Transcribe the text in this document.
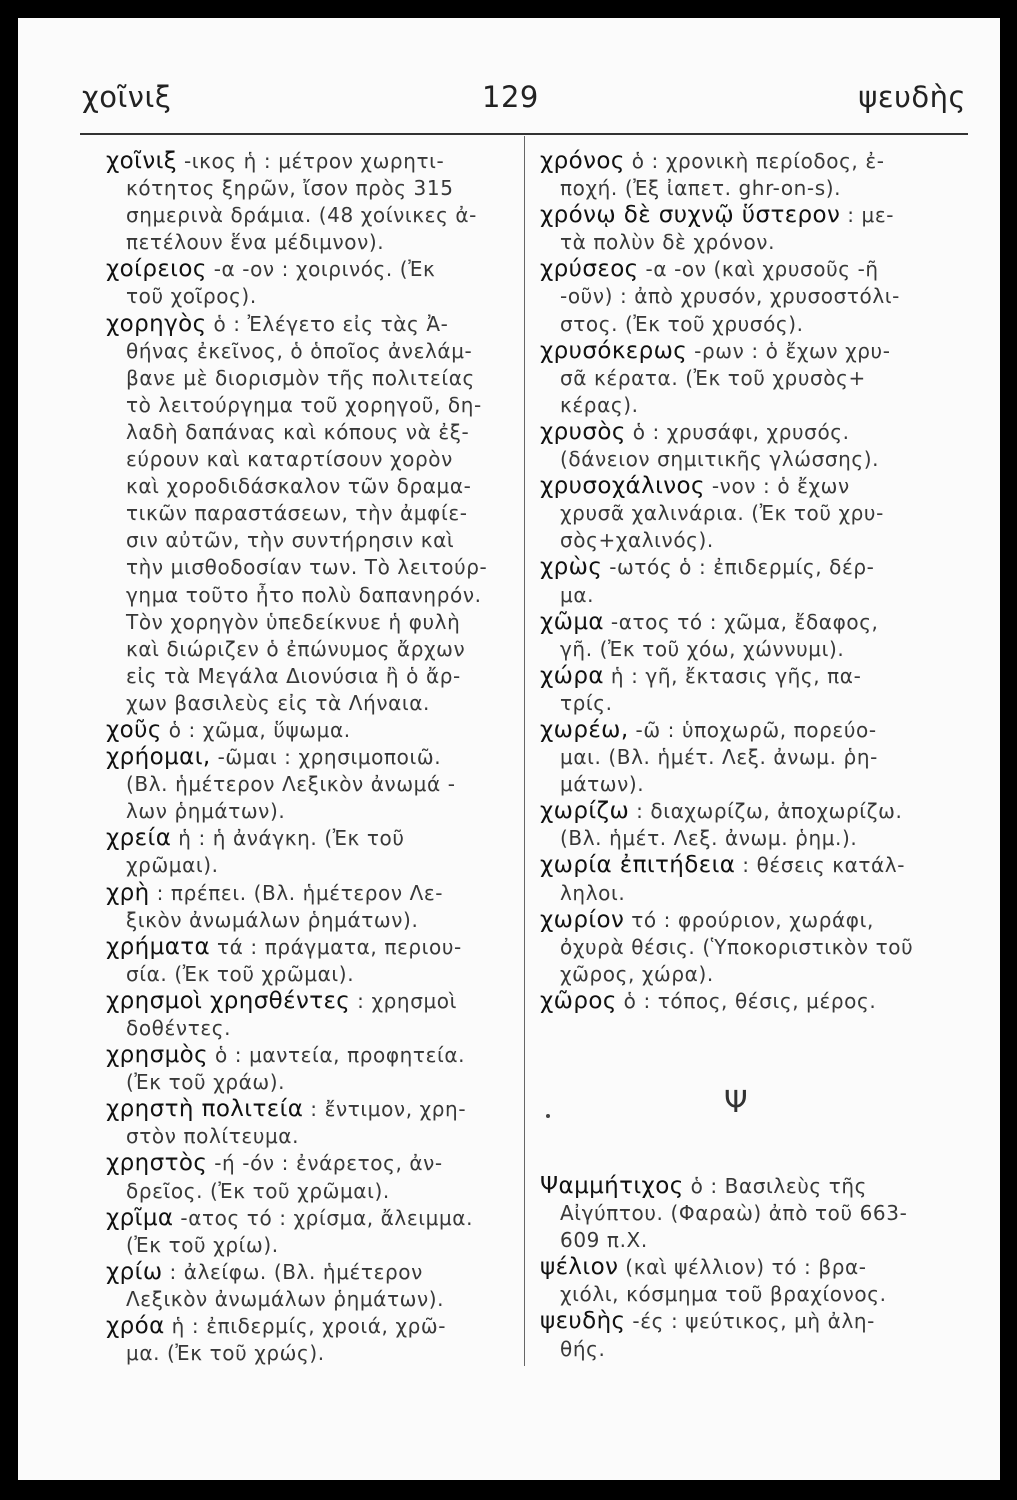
χοῖνιξ	129	ψευδὴς
χοῖνιξ -ικος ἡ : μέτρον χωρητι-
κότητος ξηρῶν, ἴσον πρὸς 315
σημερινὰ δράμια. (48 χοίνικες ἀ-
πετέλουν ἕνα μέδιμνον).
χοίρειος -α -ον : χοιρινός. (Ἐκ
τοῦ χοῖρος).
χορηγὸς ὁ : Ἐλέγετο εἰς τὰς Ἀ-
θήνας ἐκεῖνος, ὁ ὁποῖος ἀνελάμ-
βανε μὲ διορισμὸν τῆς πολιτείας
τὸ λειτούργημα τοῦ χορηγοῦ, δη-
λαδὴ δαπάνας καὶ κόπους νὰ ἐξ-
εύρουν καὶ καταρτίσουν χορὸν
καὶ χοροδιδάσκαλον τῶν δραμα-
τικῶν παραστάσεων, τὴν ἀμφίε-
σιν αὐτῶν, τὴν συντήρησιν καὶ
τὴν μισθοδοσίαν των. Τὸ λειτούρ-
γημα τοῦτο ἦτο πολὺ δαπανηρόν.
Τὸν χορηγὸν ὑπεδείκνυε ἡ φυλὴ
καὶ διώριζεν ὁ ἐπώνυμος ἄρχων
εἰς τὰ Μεγάλα Διονύσια ἢ ὁ ἄρ-
χων βασιλεὺς εἰς τὰ Λήναια.
χοῦς ὁ : χῶμα, ὕψωμα.
χρήομαι, -ῶμαι : χρησιμοποιῶ.
(Βλ. ἡμέτερον Λεξικὸν ἀνωμά -
λων ῥημάτων).
χρεία ἡ : ἡ ἀνάγκη. (Ἐκ τοῦ
χρῶμαι).
χρὴ : πρέπει. (Βλ. ἡμέτερον Λε-
ξικὸν ἀνωμάλων ῥημάτων).
χρήματα τά : πράγματα, περιου-
σία. (Ἐκ τοῦ χρῶμαι).
χρησμοὶ χρησθέντες : χρησμοὶ
δοθέντες.
χρησμὸς ὁ : μαντεία, προφητεία.
(Ἐκ τοῦ χράω).
χρηστὴ πολιτεία : ἔντιμον, χρη-
στὸν πολίτευμα.
χρηστὸς -ή -όν : ἐνάρετος, ἀν-
δρεῖος. (Ἐκ τοῦ χρῶμαι).
χρῖμα -ατος τό : χρίσμα, ἄλειμμα.
(Ἐκ τοῦ χρίω).
χρίω : ἀλείφω. (Βλ. ἡμέτερον
Λεξικὸν ἀνωμάλων ῥημάτων).
χρόα ἡ : ἐπιδερμίς, χροιά, χρῶ-
μα. (Ἐκ τοῦ χρώς).
χρόνος ὁ : χρονικὴ περίοδος, ἐ-
ποχή. (Ἐξ ἰαπετ. ghr-on-s).
χρόνῳ δὲ συχνῷ ὕστερον : με-
τὰ πολὺν δὲ χρόνον.
χρύσεος -α -ον (καὶ χρυσοῦς -ῆ
-οῦν) : ἀπὸ χρυσόν, χρυσοστόλι-
στος. (Ἐκ τοῦ χρυσός).
χρυσόκερως -ρων : ὁ ἔχων χρυ-
σᾶ κέρατα. (Ἐκ τοῦ χρυσὸς+
κέρας).
χρυσὸς ὁ : χρυσάφι, χρυσός.
(δάνειον σημιτικῆς γλώσσης).
χρυσοχάλινος -νον : ὁ ἔχων
χρυσᾶ χαλινάρια. (Ἐκ τοῦ χρυ-
σὸς+χαλινός).
χρὼς -ωτός ὁ : ἐπιδερμίς, δέρ-
μα.
χῶμα -ατος τό : χῶμα, ἔδαφος,
γῆ. (Ἐκ τοῦ χόω, χώννυμι).
χώρα ἡ : γῆ, ἔκτασις γῆς, πα-
τρίς.
χωρέω, -ῶ : ὑποχωρῶ, πορεύο-
μαι. (Βλ. ἡμέτ. Λεξ. ἀνωμ. ῥη-
μάτων).
χωρίζω : διαχωρίζω, ἀποχωρίζω.
(Βλ. ἡμέτ. Λεξ. ἀνωμ. ῥημ.).
χωρία ἐπιτήδεια : θέσεις κατάλ-
ληλοι.
χωρίον τό : φρούριον, χωράφι,
ὀχυρὰ θέσις. (Ὑποκοριστικὸν τοῦ
χῶρος, χώρα).
χῶρος ὁ : τόπος, θέσις, μέρος.
Ψ
Ψαμμήτιχος ὁ : Βασιλεὺς τῆς
Αἰγύπτου. (Φαραὼ) ἀπὸ τοῦ 663-
609 π.Χ.
ψέλιον (καὶ ψέλλιον) τό : βρα-
χιόλι, κόσμημα τοῦ βραχίονος.
ψευδὴς -ές : ψεύτικος, μὴ ἀλη-
θής.
